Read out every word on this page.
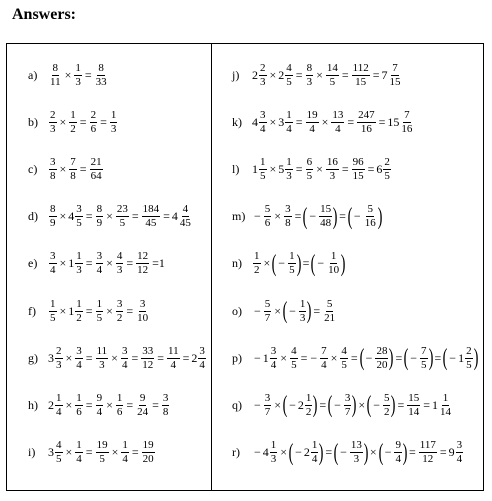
Answers:
a)	$\frac{8}{11} \times \frac{1}{3} = \frac{8}{33}$
b)	$\frac{2}{3} \times \frac{1}{2} = \frac{2}{6} = \frac{1}{3}$
c)	$\frac{3}{8} \times \frac{7}{8} = \frac{21}{64}$
d)	$\frac{8}{9} \times 4 \frac{3}{5} = \frac{8}{9} \times \frac{23}{5} = \frac{184}{45} = 4 \frac{4}{45}$
e)	$\frac{3}{4} \times 1 \frac{1}{3} = \frac{3}{4} \times \frac{4}{3} = \frac{12}{12} =1$
f)	$\frac{1}{5} \times 1 \frac{1}{2} = \frac{1}{5} \times \frac{3}{2} = \frac{3}{10}$
g) $3 \frac{2}{3} \times \frac{3}{4} = \frac{11}{3} \times \frac{3}{4} = \frac{33}{12} = \frac{11}{4} = 2 \frac{3}{4}$
h) $2 \frac{1}{4} \times \frac{1}{6} = \frac{9}{4} \times \frac{1}{6} = \frac{9}{24} = \frac{3}{8}$
i)	$3 \frac{4}{5} \times \frac{1}{4} = \frac{19}{5} \times \frac{1}{4} = \frac{19}{20}$
j)	$2 \frac{2}{3} \times 2 \frac{4}{5} = \frac{8}{3} \times \frac{14}{5} = \frac{112}{15} = 7 \frac{7}{15}$
k) $4 \frac{3}{4} \times 3 \frac{1}{4} = \frac{19}{4} \times \frac{13}{4} = \frac{247}{16} = 15 \frac{7}{16}$
l)	$1 \frac{1}{5} \times 5 \frac{1}{3} = \frac{6}{5} \times \frac{16}{3} = \frac{96}{15} = 6 \frac{2}{5}$
$m) - \frac{5}{6} \times \frac{3}{8}$ = ( − $\frac{15}{48}$ ) = ( − $\frac{5}{16}$ )
n)	$\frac{1}{2}$ × ( − $\frac{1}{5}$ ) = ( − $\frac{1}{10}$ )
o)	− $\frac{5}{7}$ × ( − $\frac{1}{3}$ ) = $\frac{5}{21}$
p)	− $1 \frac{3}{4} \times \frac{4}{5}$ = − $\frac{7}{4} \times \frac{4}{5}$ = ( − $\frac{28}{20}$ ) = ( − $\frac{7}{5}$ ) = ( − $1 \frac{2}{5}$ )
q)	− $\frac{3}{7}$ × ( − $2 \frac{1}{2}$ ) = ( − $\frac{3}{7}$ ) × ( − $\frac{5}{2}$ ) = $\frac{15}{14} = 1 \frac{1}{14}$
r)	− $4 \frac{1}{3}$ × ( − $2 \frac{1}{4}$ ) = ( − $\frac{13}{3}$ ) × ( − $\frac{9}{4}$ ) = $\frac{117}{12} = 9 \frac{3}{4}$
